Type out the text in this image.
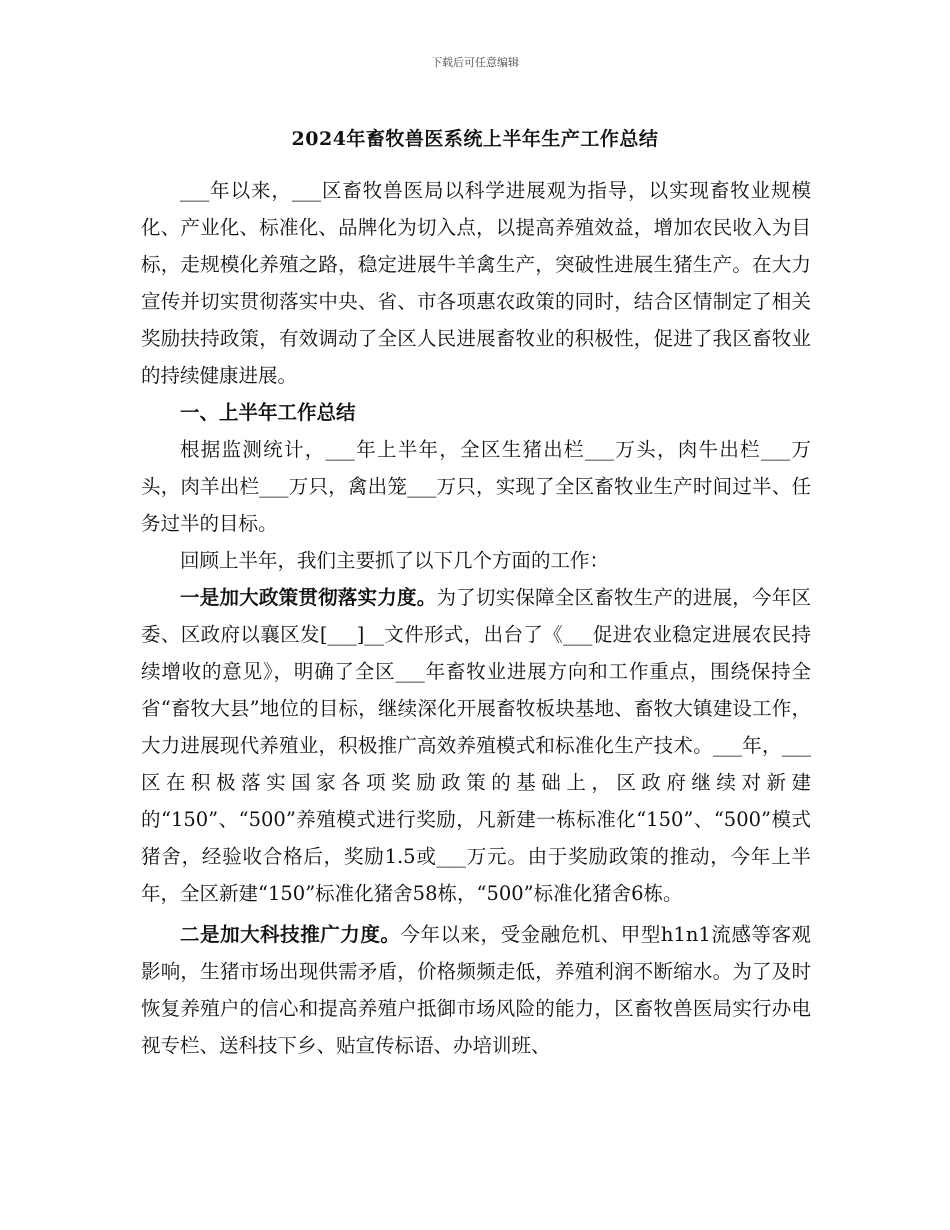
下载后可任意编辑
2024年畜牧兽医系统上半年生产工作总结

___年以来，___区畜牧兽医局以科学进展观为指导，以实现畜牧业规模化、产业化、标准化、品牌化为切入点，以提高养殖效益，增加农民收入为目标，走规模化养殖之路，稳定进展牛羊禽生产，突破性进展生猪生产。在大力宣传并切实贯彻落实中央、省、市各项惠农政策的同时，结合区情制定了相关奖励扶持政策，有效调动了全区人民进展畜牧业的积极性，促进了我区畜牧业的持续健康进展。

一、上半年工作总结

根据监测统计，___年上半年，全区生猪出栏___万头，肉牛出栏___万头，肉羊出栏___万只，禽出笼___万只，实现了全区畜牧业生产时间过半、任务过半的目标。

回顾上半年，我们主要抓了以下几个方面的工作：

一是加大政策贯彻落实力度。为了切实保障全区畜牧生产的进展，今年区委、区政府以襄区发[___]__文件形式，出台了《___促进农业稳定进展农民持续增收的意见》，明确了全区___年畜牧业进展方向和工作重点，围绕保持全省“畜牧大县”地位的目标，继续深化开展畜牧板块基地、畜牧大镇建设工作，大力进展现代养殖业，积极推广高效养殖模式和标准化生产技术。___年，___区在积极落实国家各项奖励政策的基础上，区政府继续对新建的“150”、“500”养殖模式进行奖励，凡新建一栋标准化“150”、“500”模式猪舍，经验收合格后，奖励1.5或___万元。由于奖励政策的推动，今年上半年，全区新建“150”标准化猪舍58栋，“500”标准化猪舍6栋。

二是加大科技推广力度。今年以来，受金融危机、甲型h1n1流感等客观影响，生猪市场出现供需矛盾，价格频频走低，养殖利润不断缩水。为了及时恢复养殖户的信心和提高养殖户抵御市场风险的能力，区畜牧兽医局实行办电视专栏、送科技下乡、贴宣传标语、办培训班、
